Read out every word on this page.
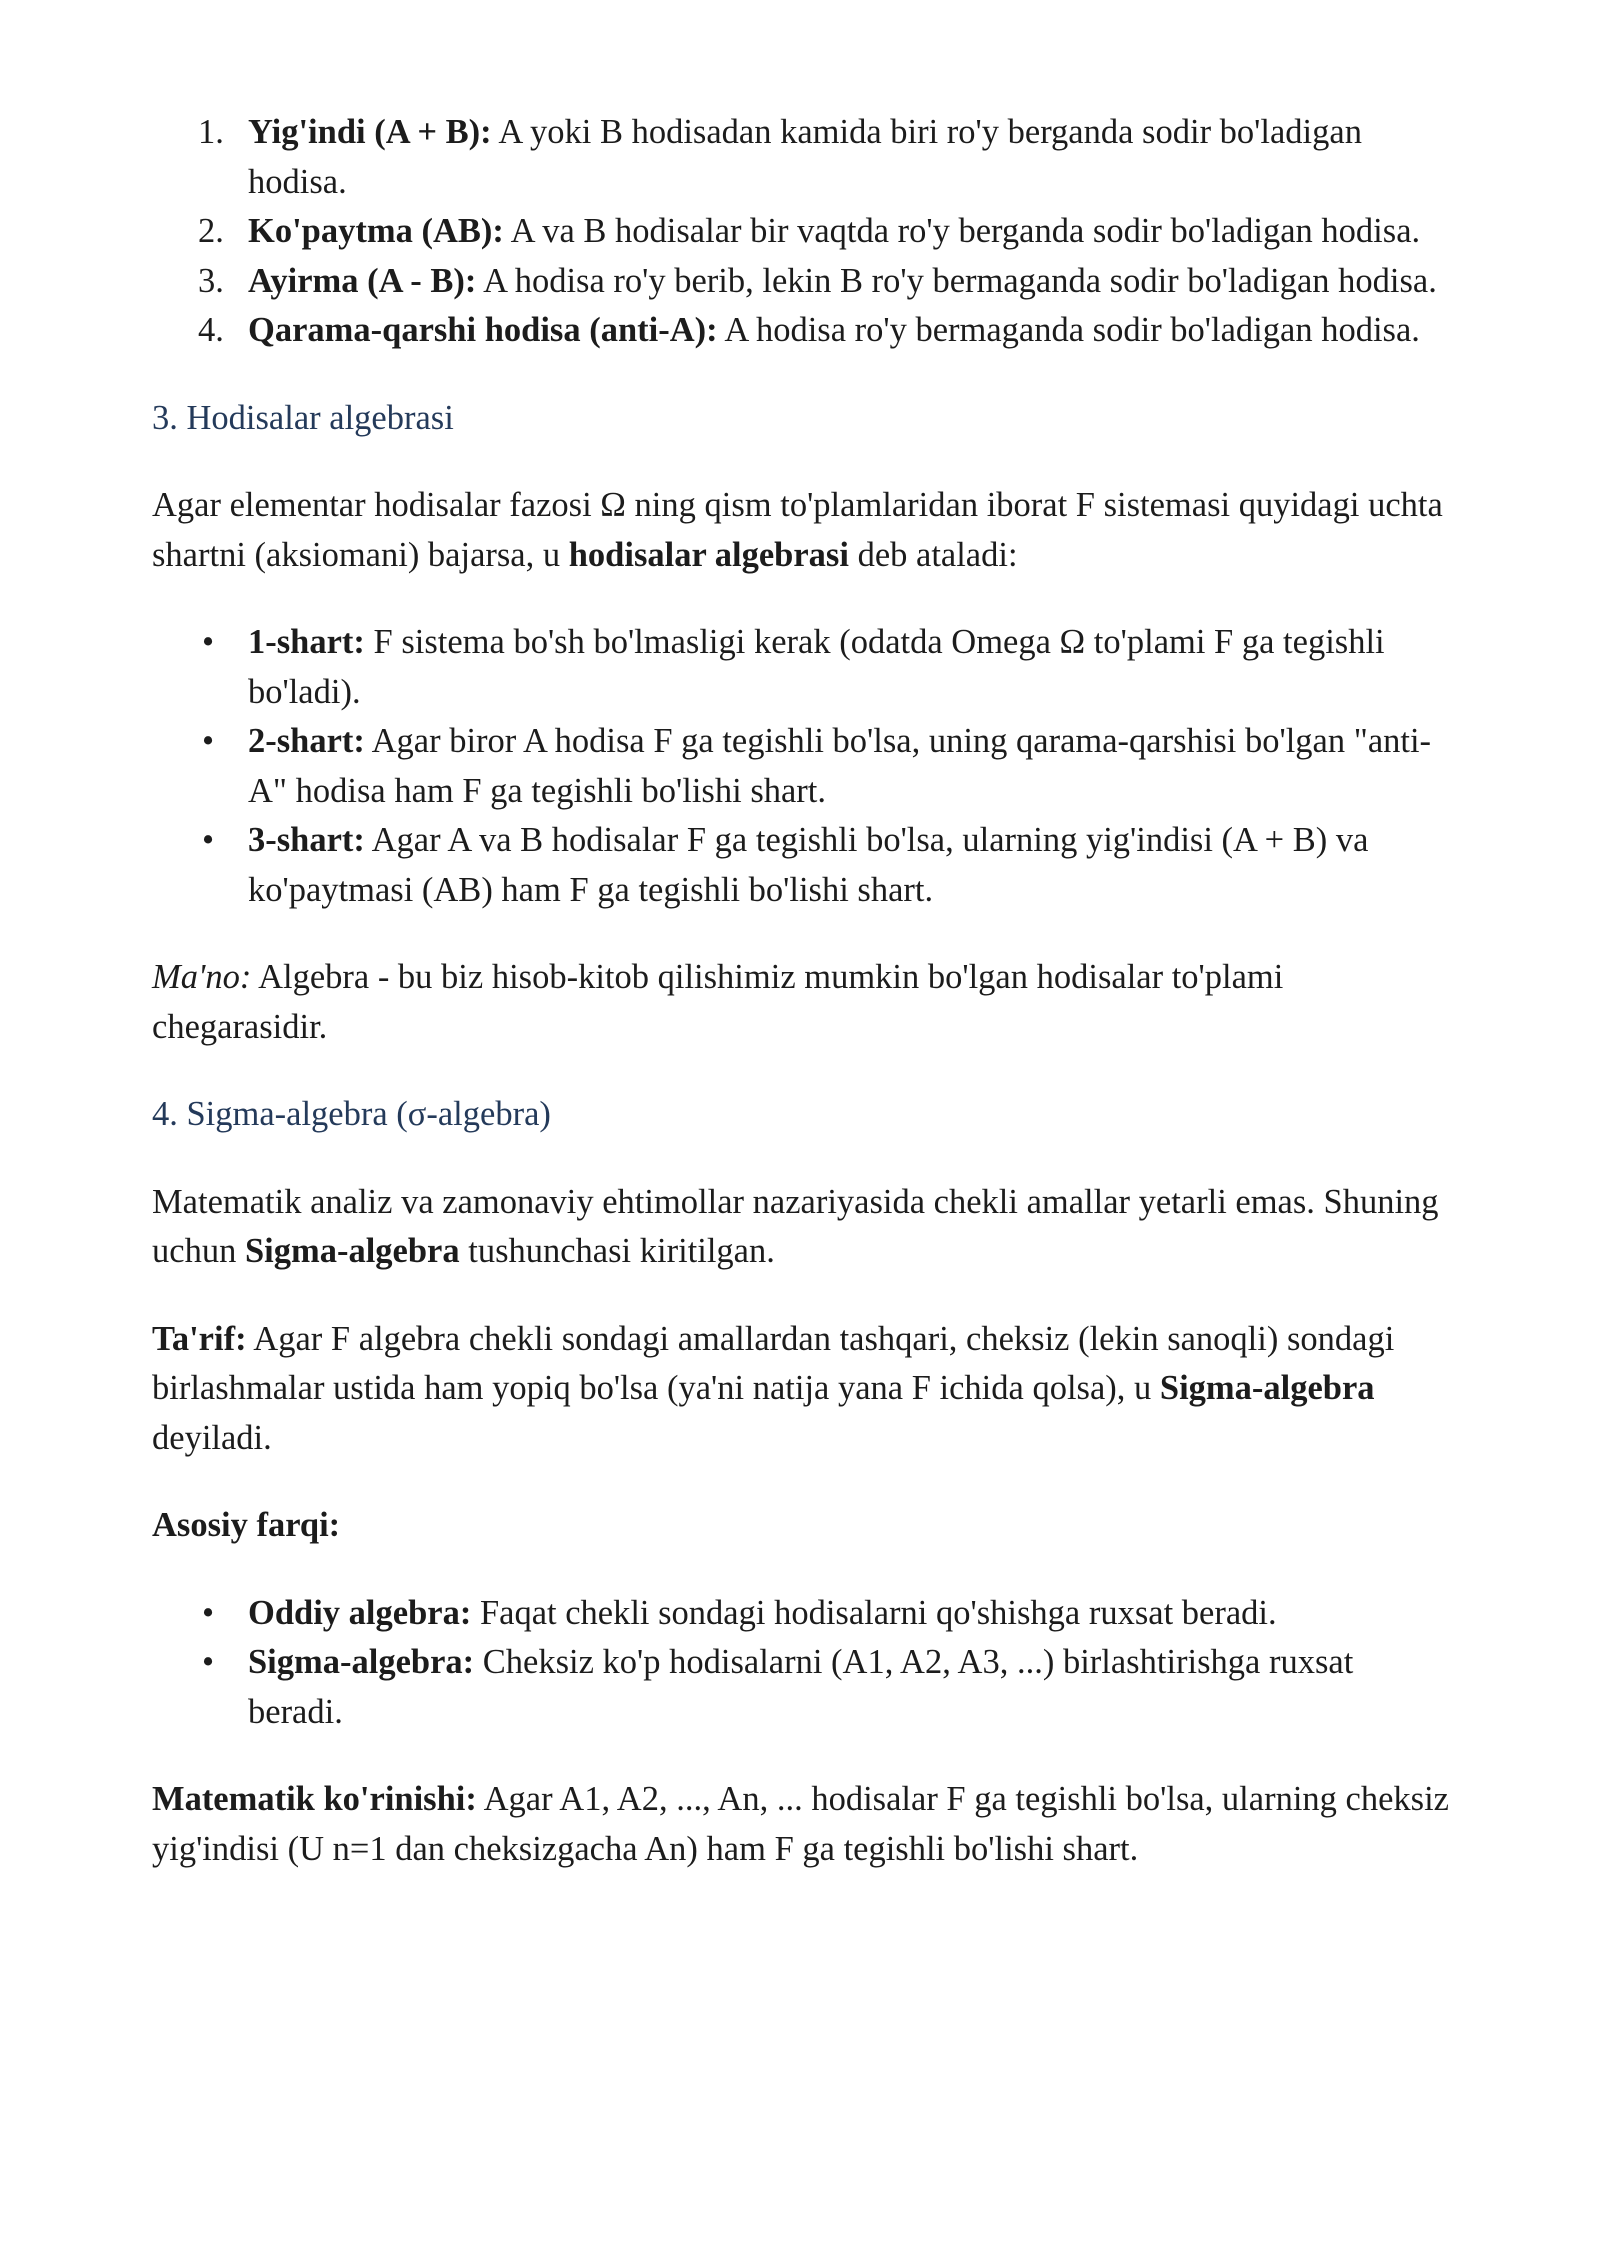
Yig'indi (A + B): A yoki B hodisadan kamida biri ro'y berganda sodir bo'ladigan hodisa.
Ko'paytma (AB): A va B hodisalar bir vaqtda ro'y berganda sodir bo'ladigan hodisa.
Ayirma (A - B): A hodisa ro'y berib, lekin B ro'y bermaganda sodir bo'ladigan hodisa.
Qarama-qarshi hodisa (anti-A): A hodisa ro'y bermaganda sodir bo'ladigan hodisa.
3. Hodisalar algebrasi

Agar elementar hodisalar fazosi Ω ning qism to'plamlaridan iborat F sistemasi quyidagi uchta shartni (aksiomani) bajarsa, u hodisalar algebrasi deb ataladi:

• 1-shart: F sistema bo'sh bo'lmasligi kerak (odatda Omega Ω to'plami F ga tegishli bo'ladi).
• 2-shart: Agar biror A hodisa F ga tegishli bo'lsa, uning qarama-qarshisi bo'lgan "anti-A" hodisa ham F ga tegishli bo'lishi shart.
• 3-shart: Agar A va B hodisalar F ga tegishli bo'lsa, ularning yig'indisi (A + B) va ko'paytmasi (AB) ham F ga tegishli bo'lishi shart.

Ma'no: Algebra - bu biz hisob-kitob qilishimiz mumkin bo'lgan hodisalar to'plami chegarasidir.

4. Sigma-algebra (σ-algebra)

Matematik analiz va zamonaviy ehtimollar nazariyasida chekli amallar yetarli emas. Shuning uchun Sigma-algebra tushunchasi kiritilgan.

Ta'rif: Agar F algebra chekli sondagi amallardan tashqari, cheksiz (lekin sanoqli) sondagi birlashmalar ustida ham yopiq bo'lsa (ya'ni natija yana F ichida qolsa), u Sigma-algebra deyiladi.

Asosiy farqi:

• Oddiy algebra: Faqat chekli sondagi hodisalarni qo'shishga ruxsat beradi.
• Sigma-algebra: Cheksiz ko'p hodisalarni (A1, A2, A3, ...) birlashtirishga ruxsat beradi.

Matematik ko'rinishi: Agar A1, A2, ..., An, ... hodisalar F ga tegishli bo'lsa, ularning cheksiz yig'indisi (U n=1 dan cheksizgacha An) ham F ga tegishli bo'lishi shart.
